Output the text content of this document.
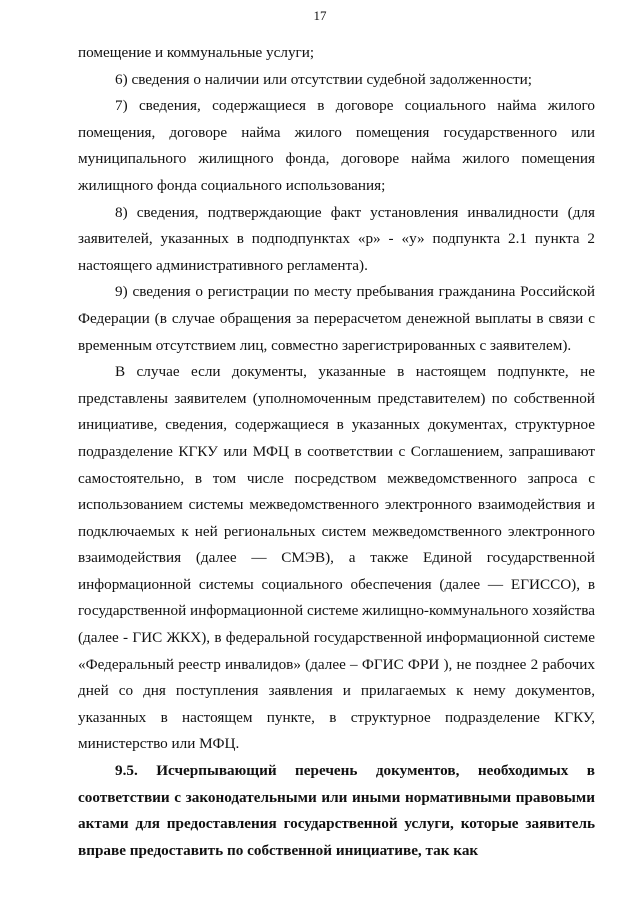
17

помещение и коммунальные услуги;

6) сведения о наличии или отсутствии судебной задолженности;

7) сведения, содержащиеся в договоре социального найма жилого помещения, договоре найма жилого помещения государственного или муниципального жилищного фонда, договоре найма жилого помещения жилищного фонда социального использования;

8) сведения, подтверждающие факт установления инвалидности (для заявителей, указанных в подподпунктах «р» - «у» подпункта 2.1 пункта 2 настоящего административного регламента).

9) сведения о регистрации по месту пребывания гражданина Российской Федерации (в случае обращения за перерасчетом денежной выплаты в связи с временным отсутствием лиц, совместно зарегистрированных с заявителем).

В случае если документы, указанные в настоящем подпункте, не представлены заявителем (уполномоченным представителем) по собственной инициативе, сведения, содержащиеся в указанных документах, структурное подразделение КГКУ или МФЦ в соответствии с Соглашением, запрашивают самостоятельно, в том числе посредством межведомственного запроса с использованием системы межведомственного электронного взаимодействия и подключаемых к ней региональных систем межведомственного электронного взаимодействия (далее — СМЭВ), а также Единой государственной информационной системы социального обеспечения (далее — ЕГИССО), в государственной информационной системе жилищно-коммунального хозяйства (далее - ГИС ЖКХ), в федеральной государственной информационной системе «Федеральный реестр инвалидов» (далее – ФГИС ФРИ ), не позднее 2 рабочих дней со дня поступления заявления и прилагаемых к нему документов, указанных в настоящем пункте, в структурное подразделение КГКУ, министерство или МФЦ.

9.5. Исчерпывающий перечень документов, необходимых в соответствии с законодательными или иными нормативными правовыми актами для предоставления государственной услуги, которые заявитель вправе предоставить по собственной инициативе, так как
